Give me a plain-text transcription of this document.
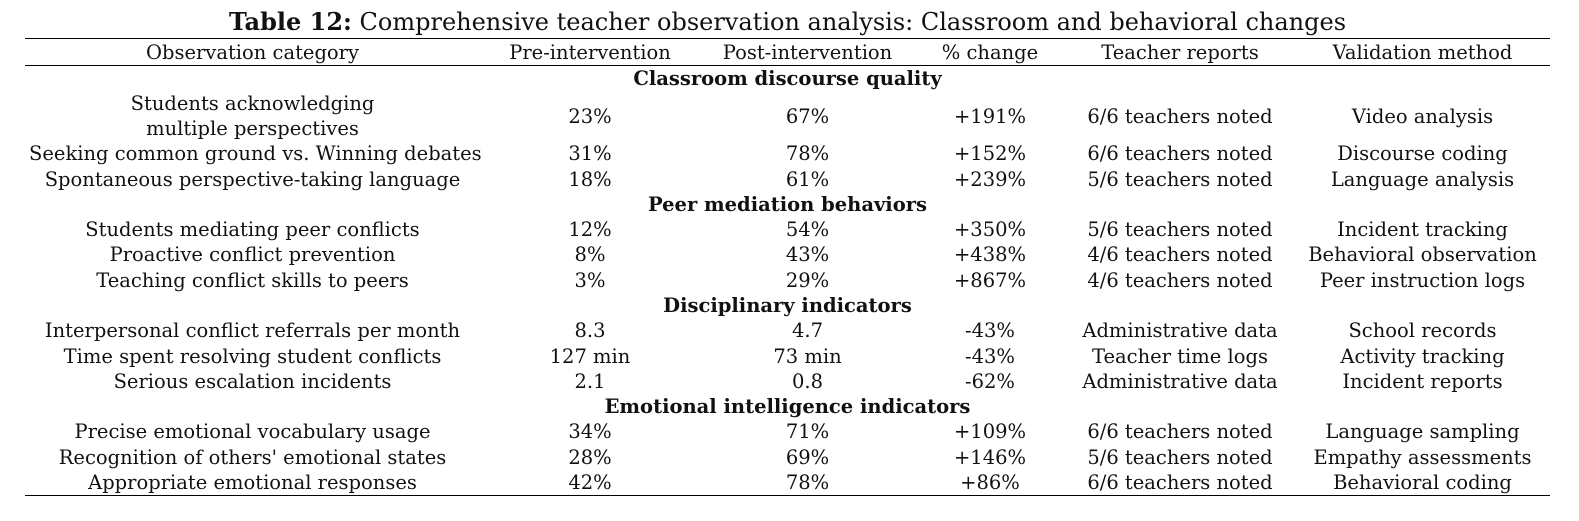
Table 12: Comprehensive teacher observation analysis: Classroom and behavioral changes
Observation category	Pre-intervention	Post-intervention	% change	Teacher reports	Validation method
Classroom discourse quality					
Students acknowledging multiple perspectives	23%	67%	+191%	6/6 teachers noted	Video analysis
Seeking common ground vs. Winning debates	31%	78%	+152%	6/6 teachers noted	Discourse coding
Spontaneous perspective-taking language	18%	61%	+239%	5/6 teachers noted	Language analysis
Peer mediation behaviors					
Students mediating peer conflicts	12%	54%	+350%	5/6 teachers noted	Incident tracking
Proactive conflict prevention	8%	43%	+438%	4/6 teachers noted	Behavioral observation
Teaching conflict skills to peers	3%	29%	+867%	4/6 teachers noted	Peer instruction logs
Disciplinary indicators					
Interpersonal conflict referrals per month	8.3	4.7	-43%	Administrative data	School records
Time spent resolving student conflicts	127 min	73 min	-43%	Teacher time logs	Activity tracking
Serious escalation incidents	2.1	0.8	-62%	Administrative data	Incident reports
Emotional intelligence indicators					
Precise emotional vocabulary usage	34%	71%	+109%	6/6 teachers noted	Language sampling
Recognition of others' emotional states	28%	69%	+146%	5/6 teachers noted	Empathy assessments
Appropriate emotional responses	42%	78%	+86%	6/6 teachers noted	Behavioral coding
